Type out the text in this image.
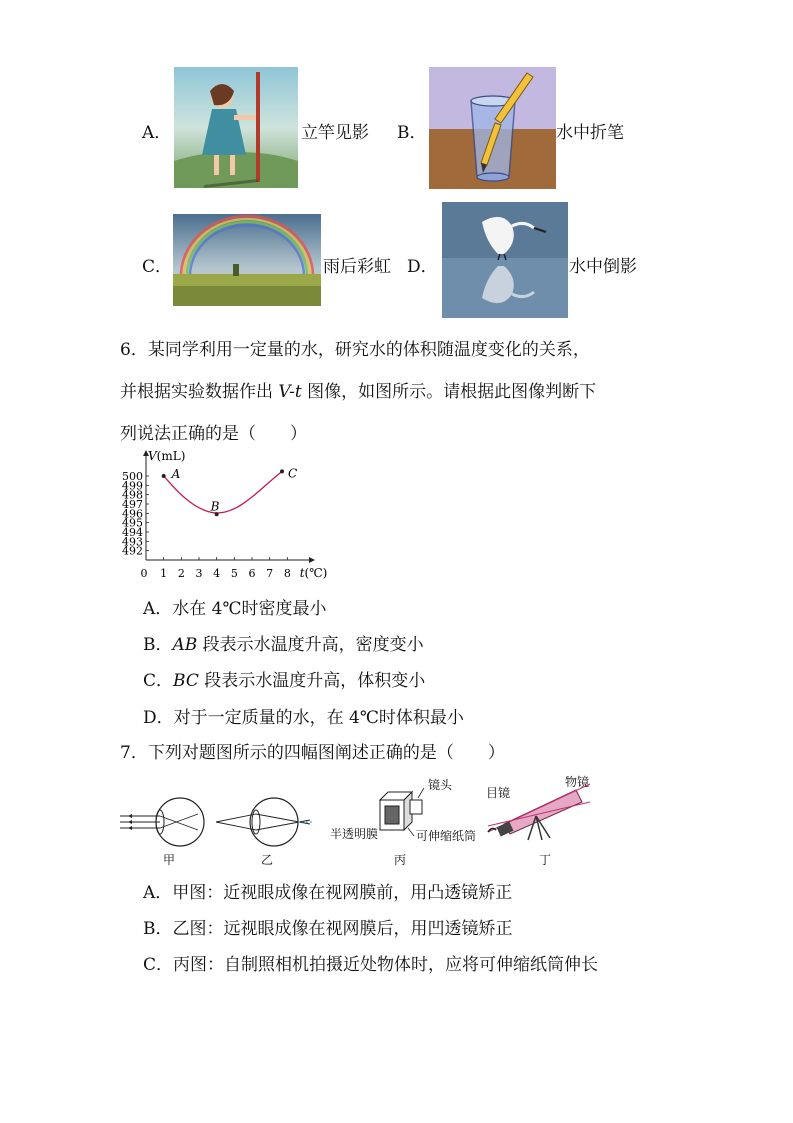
A．	立竿见影 B．	水中折笔
C．	雨后彩虹 D．	水中倒影
6．某同学利用一定量的水，研究水的体积随温度变化的关系，
并根据实验数据作出 V-t 图像，如图所示。请根据此图像判断下
列说法正确的是（　　）
V(mL)
500
499
498
497
496
495
494
493
492
0 1 2 3 4 5 6 7 8 t(℃)
A
B
C
A．水在 4℃时密度最小
B．AB 段表示水温度升高，密度变小
C．BC 段表示水温度升高，体积变小
D．对于一定质量的水，在 4℃时体积最小
7．下列对题图所示的四幅图阐述正确的是（　　）
甲	乙
镜头
半透明膜	可伸缩纸筒
丙
目镜
物镜
丁
A．甲图：近视眼成像在视网膜前，用凸透镜矫正
B．乙图：远视眼成像在视网膜后，用凹透镜矫正
C．丙图：自制照相机拍摄近处物体时，应将可伸缩纸筒伸长
